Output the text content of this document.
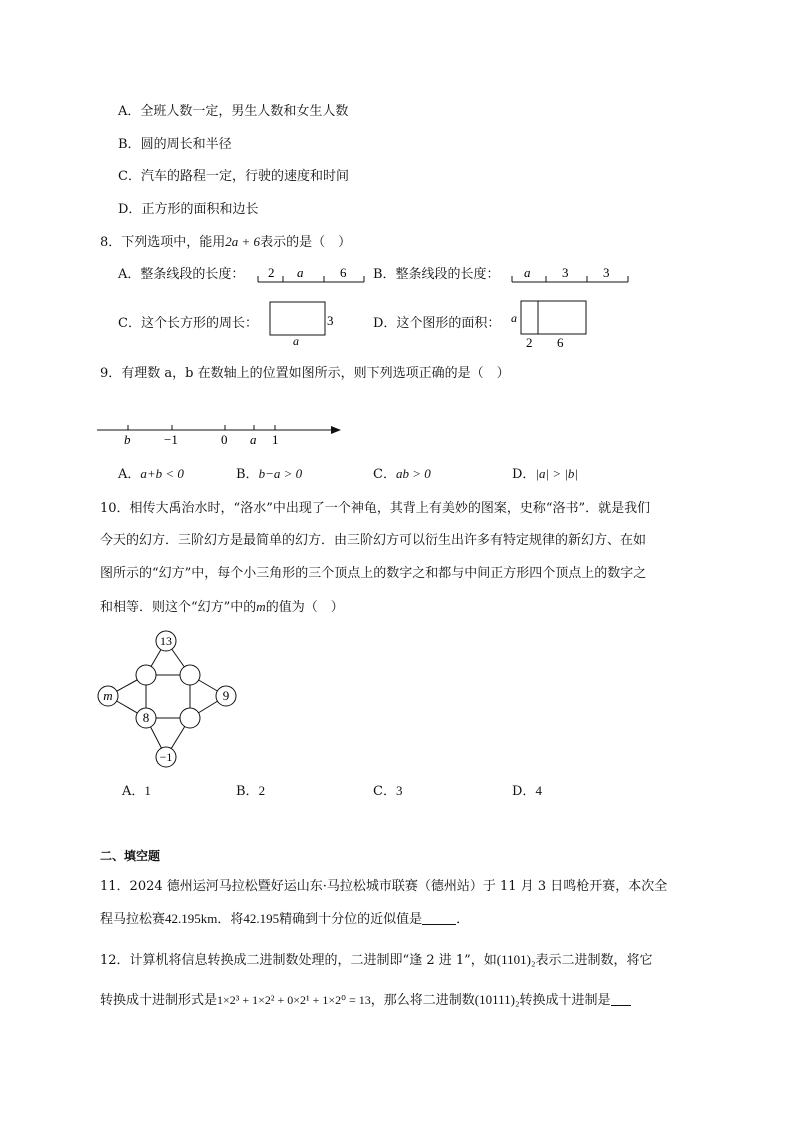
A．全班人数一定，男生人数和女生人数
B．圆的周长和半径
C．汽车的路程一定，行驶的速度和时间
D．正方形的面积和边长
8．下列选项中，能用2a + 6表示的是（　）
A．整条线段的长度： 2 a	6 B．整条线段的长度： a 3	3
C．这个长方形的周长：	3
a
D．这个图形的面积： a
2 6
9．有理数 a，b 在数轴上的位置如图所示，则下列选项正确的是（　）
b	−1	0 a 1
A．a+b < 0	B．b−a > 0	C．ab > 0	D．|a| > |b|
10．相传大禹治水时，“洛水”中出现了一个神龟，其背上有美妙的图案，史称“洛书”．就是我们
今天的幻方．三阶幻方是最简单的幻方．由三阶幻方可以衍生出许多有特定规律的新幻方、在如
图所示的“幻方”中，每个小三角形的三个顶点上的数字之和都与中间正方形四个顶点上的数字之
和相等．则这个“幻方”中的m的值为（　）
13
m	9
−1
8
A．1	B．2	C．3	D．4
二、填空题
11．2024 德州运河马拉松暨好运山东·马拉松城市联赛（德州站）于 11 月 3 日鸣枪开赛，本次全
程马拉松赛42.195km．将42.195精确到十分位的近似值是	．
12．计算机将信息转换成二进制数处理的，二进制即“逢 2 进 1”，如(1101)₂表示二进制数，将它
转换成十进制形式是1×2³ + 1×2² + 0×2¹ + 1×2⁰ = 13，那么将二进制数(10111)₂转换成十进制是
